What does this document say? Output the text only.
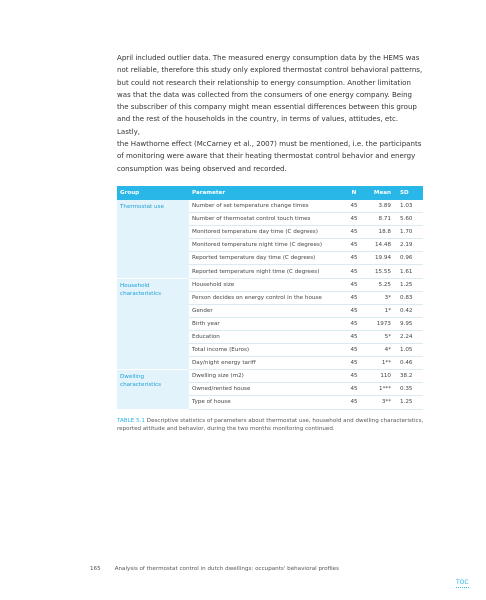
April included outlier data. The measured energy consumption data by the HEMS was

not reliable, therefore this study only explored thermostat control behavioral patterns,

but could not research their relationship to energy consumption. Another limitation

was that the data was collected from the consumers of one energy company. Being

the subscriber of this company might mean essential differences between this group

and the rest of the households in the country, in terms of values, attitudes, etc. Lastly,

the Hawthorne effect (McCarney et al., 2007) must be mentioned, i.e. the participants

of monitoring were aware that their heating thermostat control behavior and energy

consumption was being observed and recorded.

Group	Parameter	N	Mean	SD
Thermostat use	Number of set temperature change times	45	3.89	1.03
	Number of thermostat control touch times	45	8.71	5.60
	Monitored temperature day time (C degrees)	45	18.8	1.70
	Monitored temperature night time (C degrees)	45	14.48	2.19
	Reported temperature day time (C degrees)	45	19.94	0.96
	Reported temperature night time (C degrees)	45	15.55	1.61
Household characteristics	Household size	45	5.25	1.25
	Person decides on energy control in the house	45	3*	0.83
	Gender	45	1*	0.42
	Birth year	45	1973	9.95
	Education	45	5*	2.24
	Total income (Euros)	45	4*	1.05
	Day/night energy tariff	45	1**	0.46
Dwelling characteristics	Dwelling size (m2)	45	110	38.2
	Owned/rented house	45	1***	0.35
	Type of house	45	3**	1.25
TABLE 5.1 Descriptive statistics of parameters about thermostat use, household and dwelling characteristics, reported attitude and behavior, during the two months monitoring continued.
165	Analysis of thermostat control in dutch dwellings: occupants' behavioral profiles
TOC
